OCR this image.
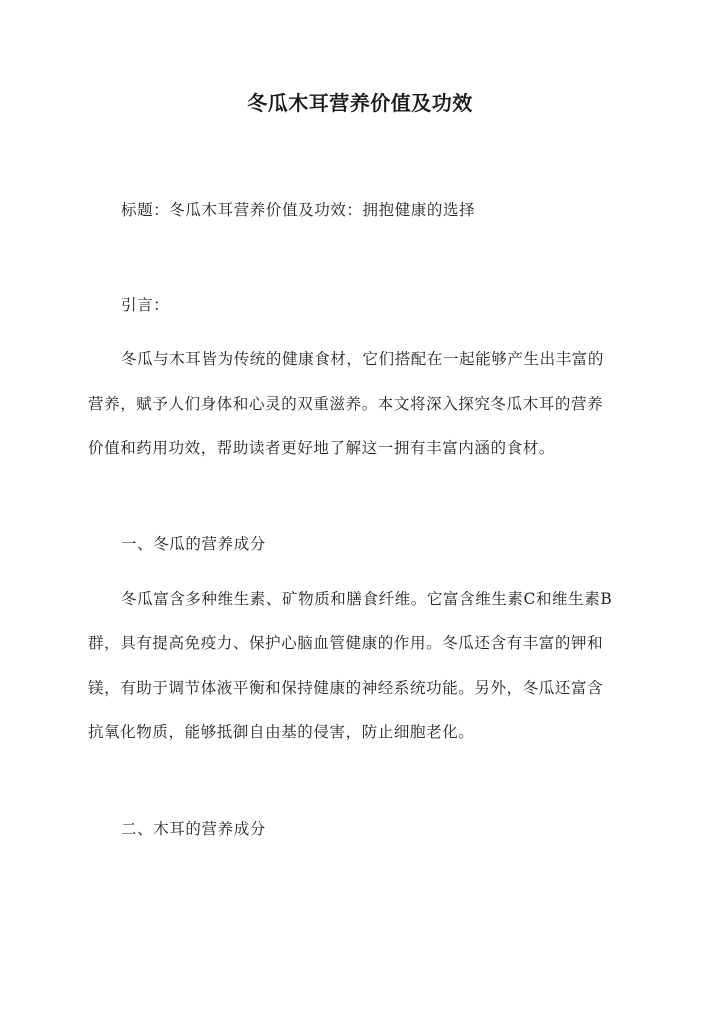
冬瓜木耳营养价值及功效
标题：冬瓜木耳营养价值及功效：拥抱健康的选择
引言：
冬瓜与木耳皆为传统的健康食材，它们搭配在一起能够产生出丰富的
营养，赋予人们身体和心灵的双重滋养。本文将深入探究冬瓜木耳的营养
价值和药用功效，帮助读者更好地了解这一拥有丰富内涵的食材。
一、冬瓜的营养成分
冬瓜富含多种维生素、矿物质和膳食纤维。它富含维生素C和维生素B
群，具有提高免疫力、保护心脑血管健康的作用。冬瓜还含有丰富的钾和
镁，有助于调节体液平衡和保持健康的神经系统功能。另外，冬瓜还富含
抗氧化物质，能够抵御自由基的侵害，防止细胞老化。
二、木耳的营养成分
